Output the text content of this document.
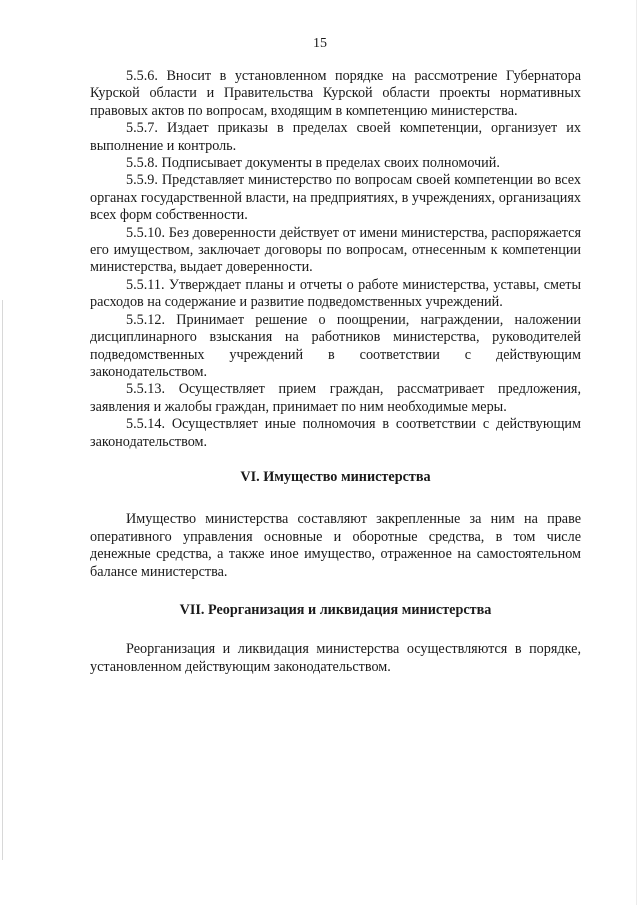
15

5.5.6. Вносит в установленном порядке на рассмотрение Губернатора Курской области и Правительства Курской области проекты нормативных правовых актов по вопросам, входящим в компетенцию министерства.

5.5.7. Издает приказы в пределах своей компетенции, организует их выполнение и контроль.

5.5.8. Подписывает документы в пределах своих полномочий.

5.5.9. Представляет министерство по вопросам своей компетенции во всех органах государственной власти, на предприятиях, в учреждениях, организациях всех форм собственности.

5.5.10. Без доверенности действует от имени министерства, распоряжается его имуществом, заключает договоры по вопросам, отнесенным к компетенции министерства, выдает доверенности.

5.5.11. Утверждает планы и отчеты о работе министерства, уставы, сметы расходов на содержание и развитие подведомственных учреждений.

5.5.12. Принимает решение о поощрении, награждении, наложении дисциплинарного взыскания на работников министерства, руководителей подведомственных учреждений в соответствии с действующим законодательством.

5.5.13. Осуществляет прием граждан, рассматривает предложения, заявления и жалобы граждан, принимает по ним необходимые меры.

5.5.14. Осуществляет иные полномочия в соответствии с действующим законодательством.

VI. Имущество министерства

Имущество министерства составляют закрепленные за ним на праве оперативного управления основные и оборотные средства, в том числе денежные средства, а также иное имущество, отраженное на самостоятельном балансе министерства.

VII. Реорганизация и ликвидация министерства

Реорганизация и ликвидация министерства осуществляются в порядке, установленном действующим законодательством.
